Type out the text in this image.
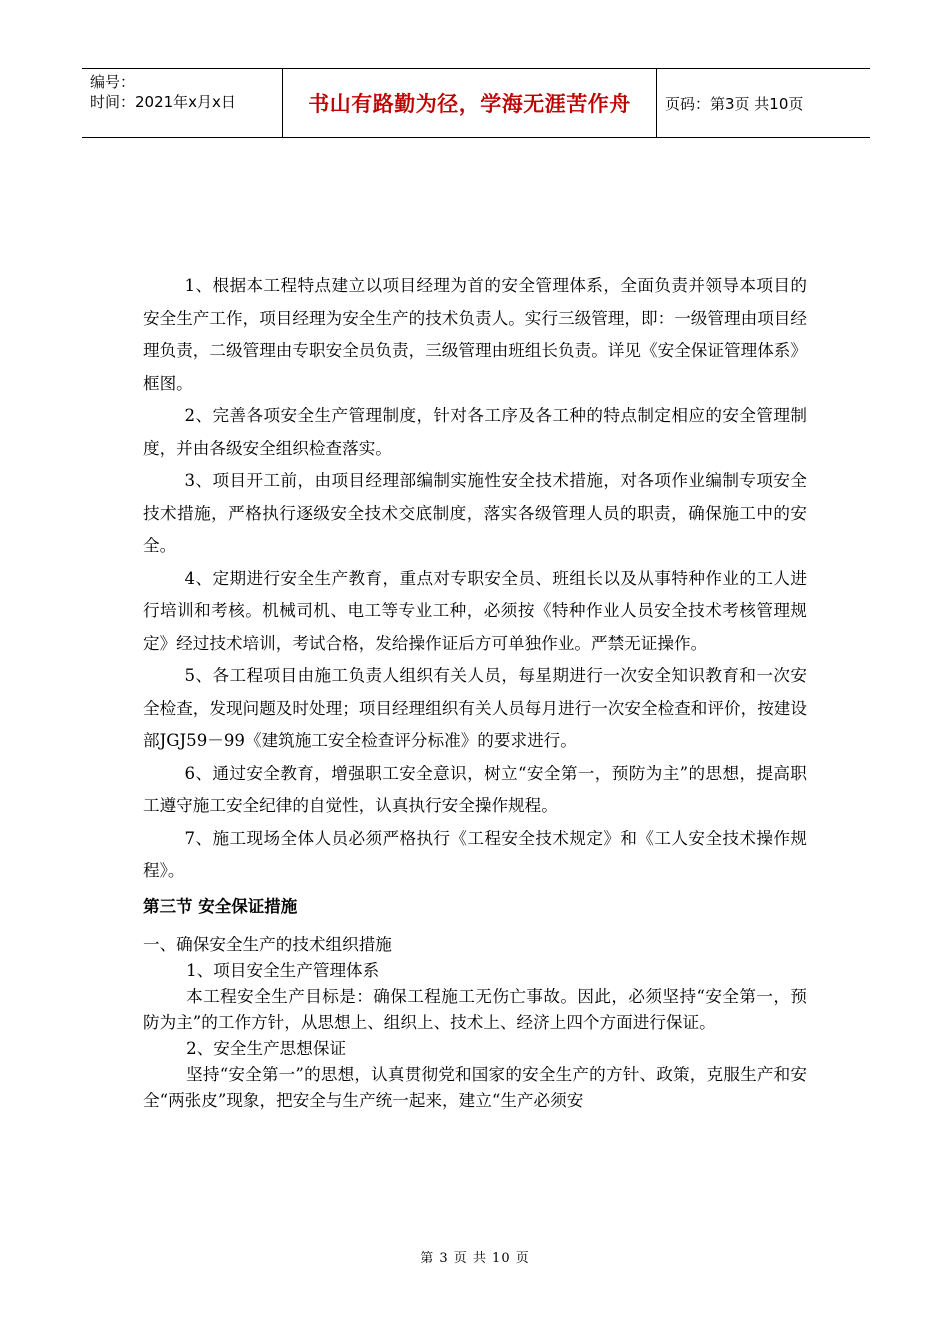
编号：
时间：2021年x月x日	书山有路勤为径，学海无涯苦作舟 页码：第3页 共10页

1、根据本工程特点建立以项目经理为首的安全管理体系，全面负责并领导本项目的安全生产工作，项目经理为安全生产的技术负责人。实行三级管理，即：一级管理由项目经理负责，二级管理由专职安全员负责，三级管理由班组长负责。详见《安全保证管理体系》框图。

2、完善各项安全生产管理制度，针对各工序及各工种的特点制定相应的安全管理制度，并由各级安全组织检查落实。

3、项目开工前，由项目经理部编制实施性安全技术措施，对各项作业编制专项安全技术措施，严格执行逐级安全技术交底制度，落实各级管理人员的职责，确保施工中的安全。

4、定期进行安全生产教育，重点对专职安全员、班组长以及从事特种作业的工人进行培训和考核。机械司机、电工等专业工种，必须按《特种作业人员安全技术考核管理规定》经过技术培训，考试合格，发给操作证后方可单独作业。严禁无证操作。

5、各工程项目由施工负责人组织有关人员，每星期进行一次安全知识教育和一次安全检查，发现问题及时处理；项目经理组织有关人员每月进行一次安全检查和评价，按建设部JGJ59－99《建筑施工安全检查评分标准》的要求进行。

6、通过安全教育，增强职工安全意识，树立“安全第一，预防为主”的思想，提高职工遵守施工安全纪律的自觉性，认真执行安全操作规程。

7、施工现场全体人员必须严格执行《工程安全技术规定》和《工人安全技术操作规程》。

第三节 安全保证措施

一、确保安全生产的技术组织措施

1、项目安全生产管理体系

本工程安全生产目标是：确保工程施工无伤亡事故。因此，必须坚持“安全第一，预防为主”的工作方针，从思想上、组织上、技术上、经济上四个方面进行保证。

2、安全生产思想保证

坚持“安全第一”的思想，认真贯彻党和国家的安全生产的方针、政策，克服生产和安全“两张皮”现象，把安全与生产统一起来，建立“生产必须安

第 3 页 共 10 页
